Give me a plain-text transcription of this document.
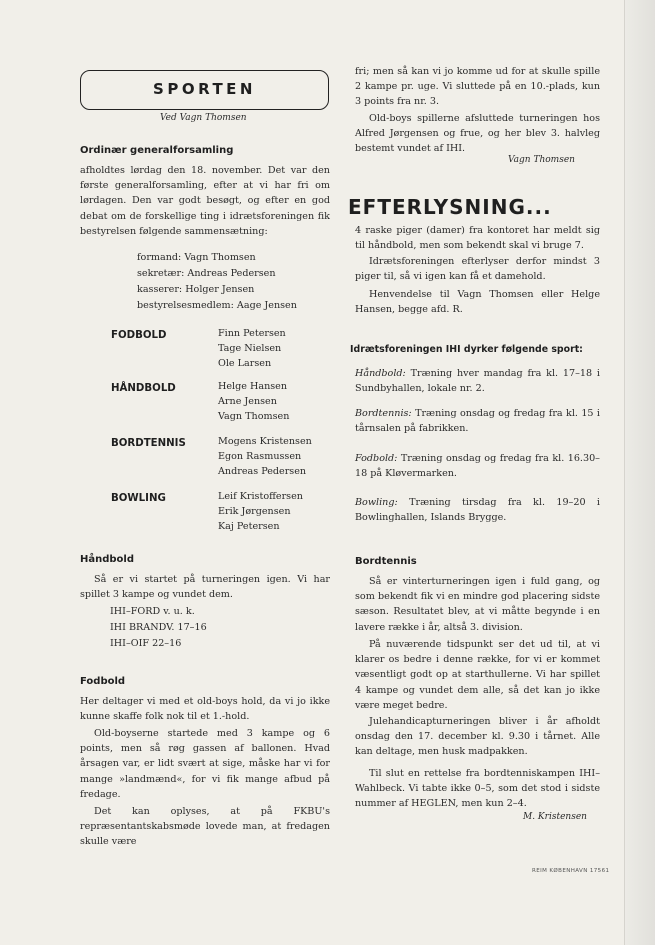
SPORTEN
Ved Vagn Thomsen
Ordinær generalforsamling

afholdtes lørdag den 18. november. Det var den første generalforsamling, efter at vi har fri om lørdagen. Den var godt besøgt, og efter en god debat om de forskellige ting i idrætsforeningen fik bestyrelsen følgende sammensætning:

formand: Vagn Thomsen
sekretær: Andreas Pedersen
kasserer: Holger Jensen
bestyrelsesmedlem: Aage Jensen
FODBOLD	Finn Petersen
Tage Nielsen
Ole Larsen
HÅNDBOLD	Helge Hansen
Arne Jensen
Vagn Thomsen
BORDTENNIS	Mogens Kristensen
Egon Rasmussen
Andreas Pedersen
BOWLING	Leif Kristoffersen
Erik Jørgensen
Kaj Petersen
Håndbold

Så er vi startet på turneringen igen. Vi har spillet 3 kampe og vundet dem.

IHI–FORD v. u. k.
IHI BRANDV. 17–16
IHI–OIF 22–16
Fodbold

Her deltager vi med et old-boys hold, da vi jo ikke kunne skaffe folk nok til et 1.-hold.

Old-boyserne startede med 3 kampe og 6 points, men så røg gassen af ballonen. Hvad årsagen var, er lidt svært at sige, måske har vi for mange »landmænd«, for vi fik mange afbud på fredage.

Det kan oplyses, at på FKBU's repræsentantskabsmøde lovede man, at fredagen skulle være

fri; men så kan vi jo komme ud for at skulle spille 2 kampe pr. uge. Vi sluttede på en 10.-plads, kun 3 points fra nr. 3.

Old-boys spillerne afsluttede turneringen hos Alfred Jørgensen og frue, og her blev 3. halvleg bestemt vundet af IHI.

Vagn Thomsen
EFTERLYSNING...

4 raske piger (damer) fra kontoret har meldt sig til håndbold, men som bekendt skal vi bruge 7.

Idrætsforeningen efterlyser derfor mindst 3 piger til, så vi igen kan få et damehold.

Henvendelse til Vagn Thomsen eller Helge Hansen, begge afd. R.

Idrætsforeningen IHI dyrker følgende sport:

Håndbold: Træning hver mandag fra kl. 17–18 i Sundbyhallen, lokale nr. 2.

Bordtennis: Træning onsdag og fredag fra kl. 15 i tårnsalen på fabrikken.

Fodbold: Træning onsdag og fredag fra kl. 16.30–18 på Kløvermarken.

Bowling: Træning tirsdag fra kl. 19–20 i Bowlinghallen, Islands Brygge.

Bordtennis

Så er vinterturneringen igen i fuld gang, og som bekendt fik vi en mindre god placering sidste sæson. Resultatet blev, at vi måtte begynde i en lavere række i år, altså 3. division.

På nuværende tidspunkt ser det ud til, at vi klarer os bedre i denne række, for vi er kommet væsentligt godt op at starthullerne. Vi har spillet 4 kampe og vundet dem alle, så det kan jo ikke være meget bedre.

Julehandicapturneringen bliver i år afholdt onsdag den 17. december kl. 9.30 i tårnet. Alle kan deltage, men husk madpakken.

Til slut en rettelse fra bordtenniskampen IHI–Wahlbeck. Vi tabte ikke 0–5, som det stod i sidste nummer af HEGLEN, men kun 2–4.

M. Kristensen
REIM KØBENHAVN 17561
